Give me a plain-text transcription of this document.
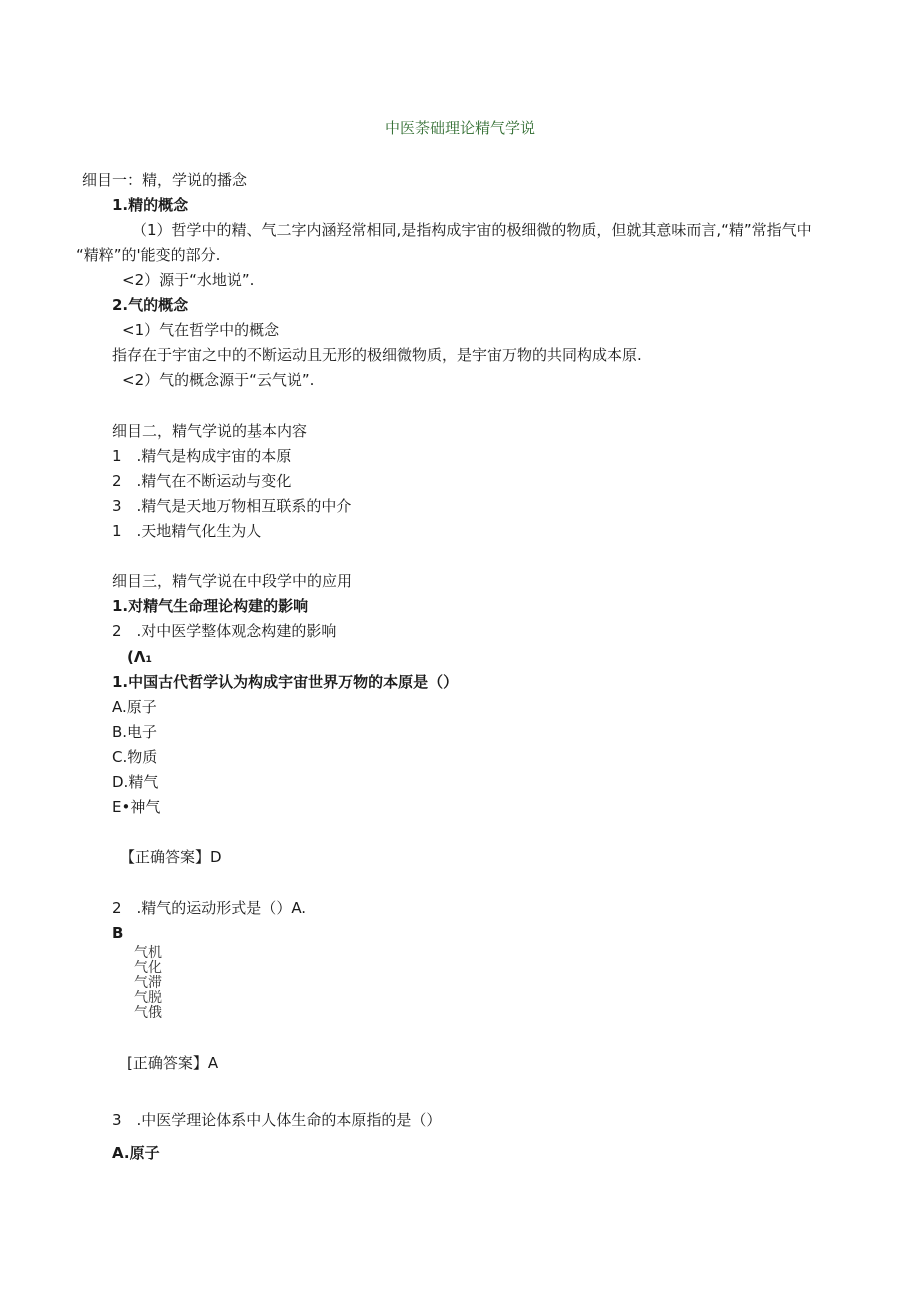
中医荼础理论精气学说
细目一：精，学说的播念
1.精的概念
（1）哲学中的精、气二字内涵羟常相同,是指构成宇宙的极细微的物质，但就其意味而言,“精”常指气中
“精粹”的'能变的部分.
<2）源于“水地说”.
2.气的概念
<1）气在哲学中的概念
指存在于宇宙之中的不断运动且无形的极细微物质，是宇宙万物的共同构成本原.
<2）气的概念源于“云气说”.
细目二，精气学说的基本内容
1　.精气是构成宇宙的本原
2　.精气在不断运动与变化
3　.精气是天地万物相互联系的中介
1　.天地精气化生为人
细目三，精气学说在中段学中的应用
1.对精气生命理论构建的影响
2　.对中医学整体观念构建的影响
(Λ₁
1.中国古代哲学认为构成宇宙世界万物的本原是（）
A.原子
B.电子
C.物质
D.精气
E•神气
【正确答案】D
2　.精气的运动形式是（）A.
B
气机
气化
气滞
气脱
气俄
[正确答案】A
3　.中医学理论体系中人体生命的本原指的是（）
A.原子
